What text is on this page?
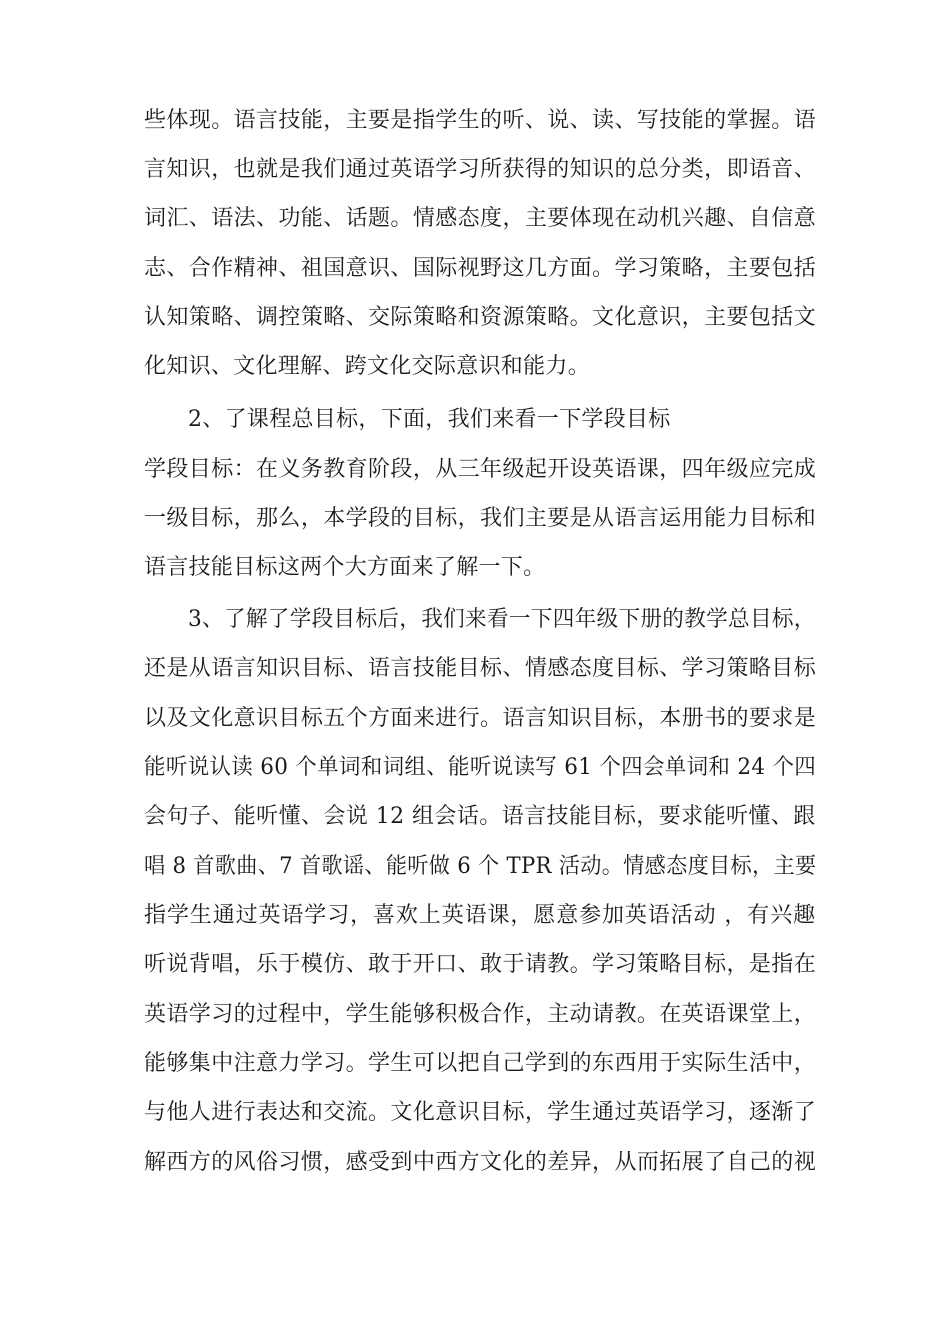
些体现。语言技能，主要是指学生的听、说、读、写技能的掌握。语
言知识，也就是我们通过英语学习所获得的知识的总分类，即语音、
词汇、语法、功能、话题。情感态度，主要体现在动机兴趣、自信意
志、合作精神、祖国意识、国际视野这几方面。学习策略，主要包括
认知策略、调控策略、交际策略和资源策略。文化意识，主要包括文
化知识、文化理解、跨文化交际意识和能力。
2、了课程总目标，下面，我们来看一下学段目标
学段目标：在义务教育阶段，从三年级起开设英语课，四年级应完成
一级目标，那么，本学段的目标，我们主要是从语言运用能力目标和
语言技能目标这两个大方面来了解一下。
3、了解了学段目标后，我们来看一下四年级下册的教学总目标，
还是从语言知识目标、语言技能目标、情感态度目标、学习策略目标
以及文化意识目标五个方面来进行。语言知识目标，本册书的要求是
能听说认读 60 个单词和词组、能听说读写 61 个四会单词和 24 个四
会句子、能听懂、会说 12 组会话。语言技能目标，要求能听懂、跟
唱 8 首歌曲、7 首歌谣、能听做 6 个 TPR 活动。情感态度目标，主要
指学生通过英语学习，喜欢上英语课，愿意参加英语活动 ，有兴趣
听说背唱，乐于模仿、敢于开口、敢于请教。学习策略目标，是指在
英语学习的过程中，学生能够积极合作，主动请教。在英语课堂上，
能够集中注意力学习。学生可以把自己学到的东西用于实际生活中，
与他人进行表达和交流。文化意识目标，学生通过英语学习，逐渐了
解西方的风俗习惯，感受到中西方文化的差异，从而拓展了自己的视
